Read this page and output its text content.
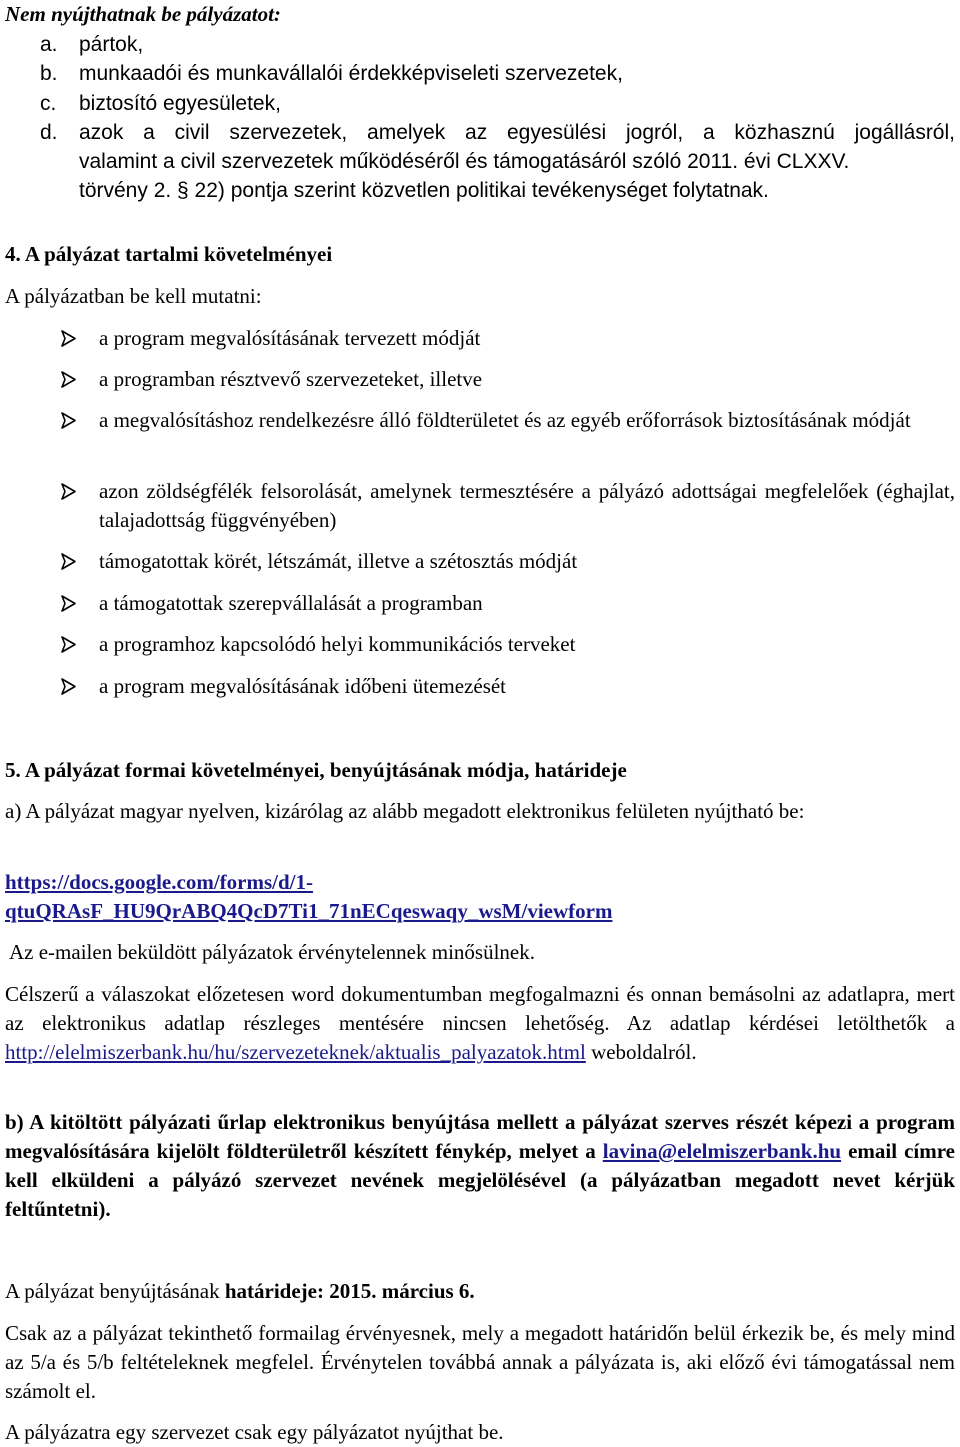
Nem nyújthatnak be pályázatot:
a. pártok,
b. munkaadói és munkavállalói érdekképviseleti szervezetek,
c. biztosító egyesületek,
d. azok a civil szervezetek, amelyek az egyesülési jogról, a közhasznú jogállásról,
valamint a civil szervezetek működéséről és támogatásáról szóló 2011. évi CLXXV.
törvény 2. § 22) pontja szerint közvetlen politikai tevékenységet folytatnak.
4. A pályázat tartalmi követelményei
A pályázatban be kell mutatni:
a program megvalósításának tervezett módját
a programban résztvevő szervezeteket, illetve
a megvalósításhoz rendelkezésre álló földterületet és az egyéb erőforrások biztosításának módját
azon zöldségfélék felsorolását, amelynek termesztésére a pályázó adottságai megfelelőek (éghajlat, talajadottság függvényében)
támogatottak körét, létszámát, illetve a szétosztás módját
a támogatottak szerepvállalását a programban
a programhoz kapcsolódó helyi kommunikációs terveket
a program megvalósításának időbeni ütemezését
5. A pályázat formai követelményei, benyújtásának módja, határideje
a) A pályázat magyar nyelven, kizárólag az alább megadott elektronikus felületen nyújtható be:
https://docs.google.com/forms/d/1-
qtuQRAsF_HU9QrABQ4QcD7Ti1_71nECqeswaqy_wsM/viewform
Az e-mailen beküldött pályázatok érvénytelennek minősülnek.
Célszerű a válaszokat előzetesen word dokumentumban megfogalmazni és onnan bemásolni az adatlapra, mert az elektronikus adatlap részleges mentésére nincsen lehetőség. Az adatlap kérdései letölthetők a http://elelmiszerbank.hu/hu/szervezeteknek/aktualis_palyazatok.html weboldalról.
b) A kitöltött pályázati űrlap elektronikus benyújtása mellett a pályázat szerves részét képezi a program megvalósítására kijelölt földterületről készített fénykép, melyet a lavina@elelmiszerbank.hu email címre kell elküldeni a pályázó szervezet nevének megjelölésével (a pályázatban megadott nevet kérjük feltűntetni).
A pályázat benyújtásának határideje: 2015. március 6.
Csak az a pályázat tekinthető formailag érvényesnek, mely a megadott határidőn belül érkezik be, és mely mind az 5/a és 5/b feltételeknek megfelel. Érvénytelen továbbá annak a pályázata is, aki előző évi támogatással nem számolt el.
A pályázatra egy szervezet csak egy pályázatot nyújthat be.
